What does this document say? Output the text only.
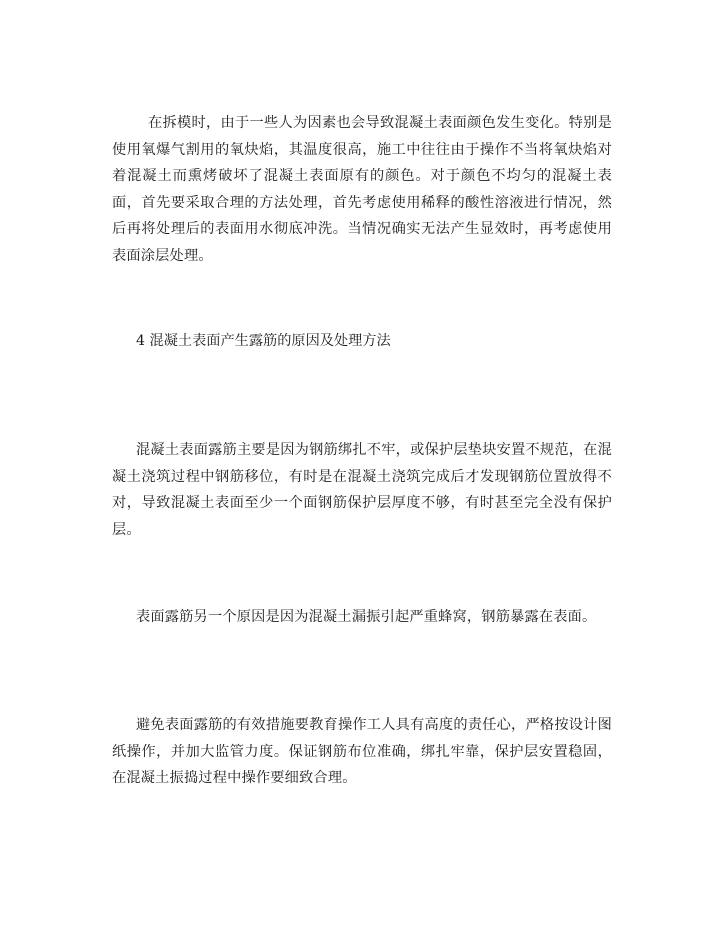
在拆模时，由于一些人为因素也会导致混凝土表面颜色发生变化。特别是使用氧爆气割用的氧炔焰，其温度很高，施工中往往由于操作不当将氧炔焰对着混凝土而熏烤破坏了混凝土表面原有的颜色。对于颜色不均匀的混凝土表面，首先要采取合理的方法处理，首先考虑使用稀释的酸性溶液进行情况，然后再将处理后的表面用水彻底冲洗。当情况确实无法产生显效时，再考虑使用表面涂层处理。

4 混凝土表面产生露筋的原因及处理方法

混凝土表面露筋主要是因为钢筋绑扎不牢，或保护层垫块安置不规范，在混凝土浇筑过程中钢筋移位，有时是在混凝土浇筑完成后才发现钢筋位置放得不对，导致混凝土表面至少一个面钢筋保护层厚度不够，有时甚至完全没有保护层。

表面露筋另一个原因是因为混凝土漏振引起严重蜂窝，钢筋暴露在表面。

避免表面露筋的有效措施要教育操作工人具有高度的责任心，严格按设计图纸操作，并加大监管力度。保证钢筋布位准确，绑扎牢靠，保护层安置稳固，在混凝土振捣过程中操作要细致合理。
